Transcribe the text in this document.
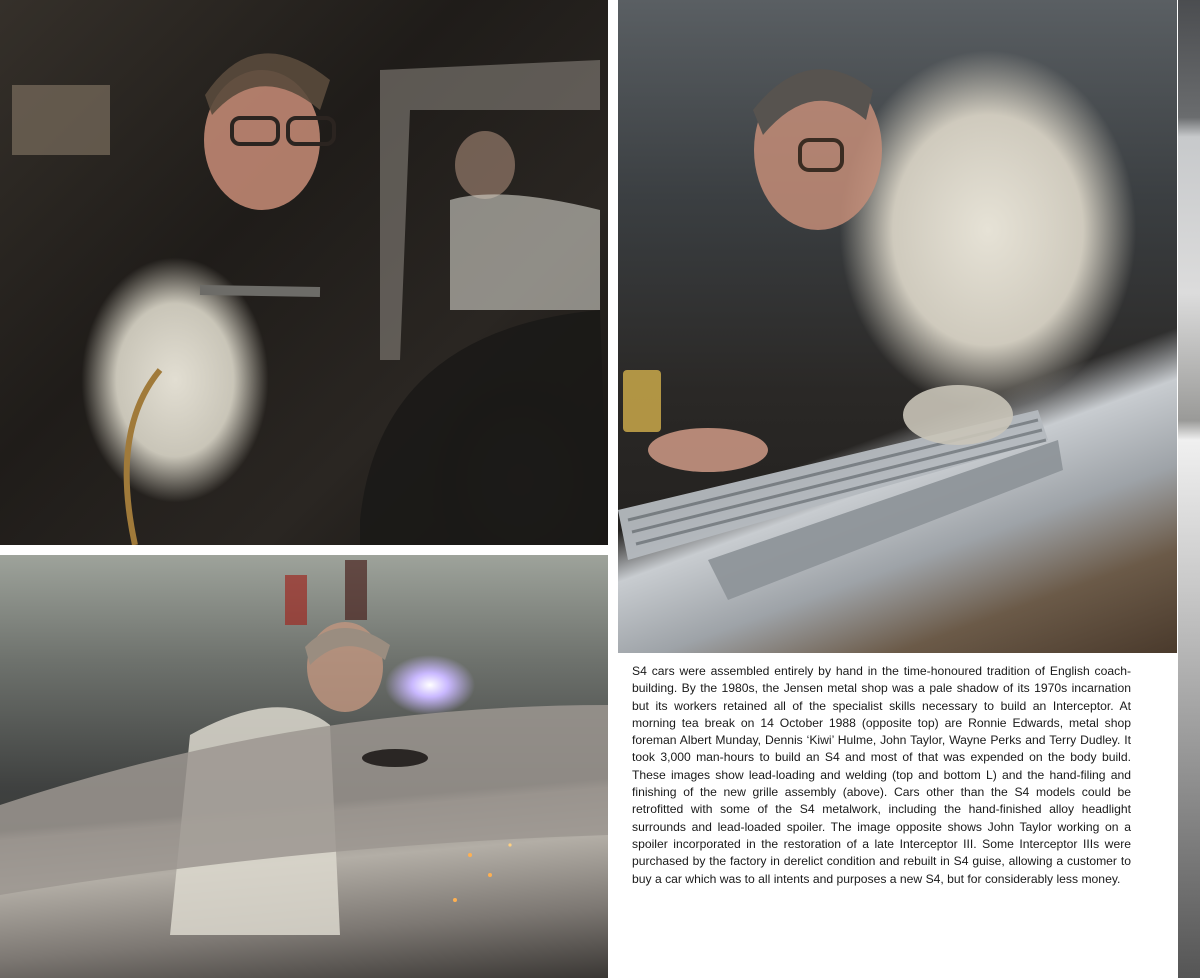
S4 cars were assembled entirely by hand in the time-honoured tradition of English coach-building. By the 1980s, the Jensen metal shop was a pale shadow of its 1970s incarnation but its workers retained all of the specialist skills necessary to build an Interceptor. At morning tea break on 14 October 1988 (opposite top) are Ronnie Edwards, metal shop foreman Albert Munday, Dennis ‘Kiwi’ Hulme, John Taylor, Wayne Perks and Terry Dudley. It took 3,000 man-hours to build an S4 and most of that was expended on the body build. These images show lead-loading and welding (top and bottom L) and the hand-filing and finishing of the new grille assembly (above). Cars other than the S4 models could be retrofitted with some of the S4 metalwork, including the hand-finished alloy headlight surrounds and lead-loaded spoiler. The image opposite shows John Taylor working on a spoiler incorporated in the restoration of a late Interceptor III. Some Interceptor IIIs were purchased by the factory in derelict condition and rebuilt in S4 guise, allowing a customer to buy a car which was to all intents and purposes a new S4, but for considerably less money.
